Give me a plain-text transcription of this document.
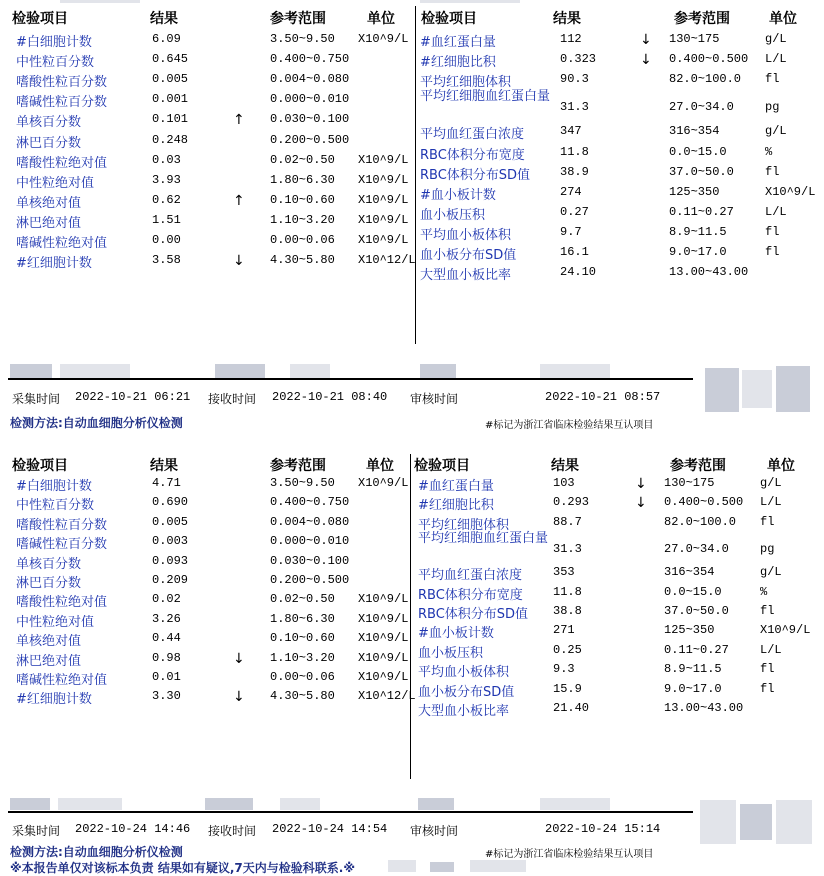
检验项目	结果	参考范围	单位 检验项目	结果	参考范围	单位
#白细胞计数	6.09	3.50~9.50 X10^9/L
中性粒百分数	0.645	0.400~0.750
嗜酸性粒百分数	0.005	0.004~0.080
嗜碱性粒百分数	0.001	0.000~0.010
单核百分数	0.101	↑ 0.030~0.100
淋巴百分数	0.248	0.200~0.500
嗜酸性粒绝对值	0.03	0.02~0.50 X10^9/L
中性粒绝对值	3.93	1.80~6.30 X10^9/L
单核绝对值	0.62	↑ 0.10~0.60 X10^9/L
淋巴绝对值	1.51	1.10~3.20 X10^9/L
嗜碱性粒绝对值	0.00	0.00~0.06 X10^9/L
#红细胞计数	3.58	↓ 4.30~5.80 X10^12/L
#血红蛋白量	112	↓ 130~175	g/L
#红细胞比积	0.323	↓ 0.400~0.500 L/L
平均红细胞体积	90.3	82.0~100.0 fl
平均红细胞血红蛋白量
31.3	27.0~34.0	pg
平均血红蛋白浓度	347	316~354	g/L
RBC体积分布宽度	11.8	0.0~15.0	%
RBC体积分布SD值 38.9	37.0~50.0	fl
#血小板计数	274	125~350	X10^9/L
血小板压积	0.27	0.11~0.27	L/L
平均血小板体积	9.7	8.9~11.5	fl
血小板分布SD值	16.1	9.0~17.0	fl
大型血小板比率	24.10	13.00~43.00
采集时间 2022-10-21 06:21 接收时间 2022-10-21 08:40 审核时间	2022-10-21 08:57
检测方法:自动血细胞分析仪检测	#标记为浙江省临床检验结果互认项目
检验项目	结果	参考范围	单位 检验项目	结果	参考范围	单位
#白细胞计数	4.71	3.50~9.50 X10^9/L
中性粒百分数	0.690	0.400~0.750
嗜酸性粒百分数	0.005	0.004~0.080
嗜碱性粒百分数	0.003	0.000~0.010
单核百分数	0.093	0.030~0.100
淋巴百分数	0.209	0.200~0.500
嗜酸性粒绝对值	0.02	0.02~0.50 X10^9/L
中性粒绝对值	3.26	1.80~6.30 X10^9/L
单核绝对值	0.44	0.10~0.60 X10^9/L
淋巴绝对值	0.98	↓ 1.10~3.20 X10^9/L
嗜碱性粒绝对值	0.01	0.00~0.06 X10^9/L
#红细胞计数	3.30	↓ 4.30~5.80 X10^12/L
#血红蛋白量	103	↓ 130~175	g/L
#红细胞比积	0.293	↓ 0.400~0.500 L/L
平均红细胞体积	88.7	82.0~100.0 fl
平均红细胞血红蛋白量
31.3	27.0~34.0	pg
平均血红蛋白浓度	353	316~354	g/L
RBC体积分布宽度	11.8	0.0~15.0	%
RBC体积分布SD值 38.8	37.0~50.0	fl
#血小板计数	271	125~350	X10^9/L
血小板压积	0.25	0.11~0.27	L/L
平均血小板体积	9.3	8.9~11.5	fl
血小板分布SD值	15.9	9.0~17.0	fl
大型血小板比率	21.40	13.00~43.00
采集时间 2022-10-24 14:46 接收时间 2022-10-24 14:54 审核时间	2022-10-24 15:14
检测方法:自动血细胞分析仪检测	#标记为浙江省临床检验结果互认项目
※本报告单仅对该标本负责 结果如有疑议,7天内与检验科联系.※
